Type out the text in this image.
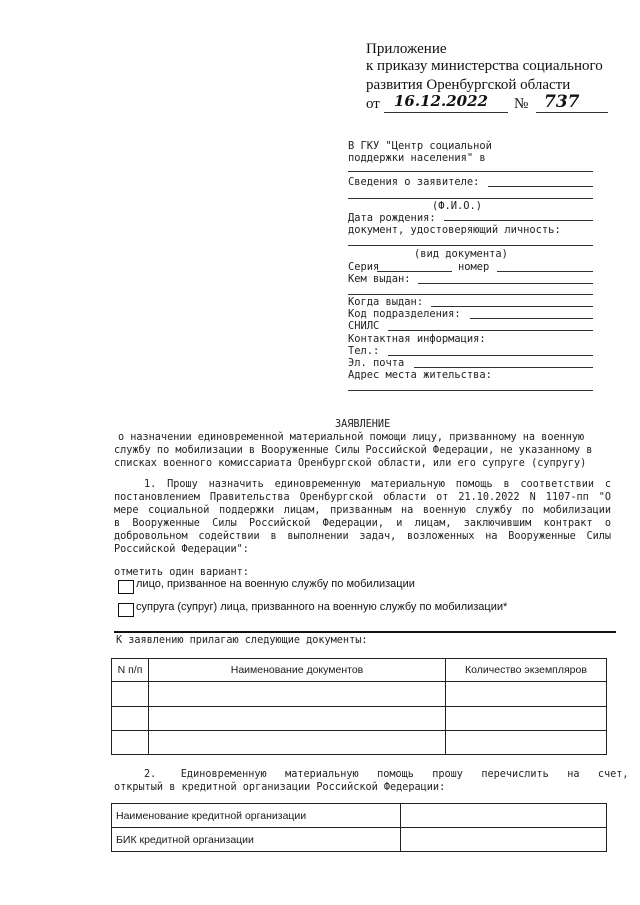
Приложение
к приказу министерства социального
развития Оренбургской области
от 16.12.2022 № 737
В ГКУ "Центр социальной
поддержки населения" в
Сведения о заявителе:
(Ф.И.О.)
Дата рождения:
документ, удостоверяющий личность:
(вид документа)
Серия	номер
Кем выдан:
Когда выдан:
Код подразделения:
СНИЛС
Контактная информация:
Тел.:
Эл. почта
Адрес места жительства:
ЗАЯВЛЕНИЕ
о назначении единовременной материальной помощи лицу, призванному на военную
службу по мобилизации в Вооруженные Силы Российской Федерации, не указанному в
списках военного комиссариата Оренбургской области, или его супруге (супругу)
1. Прошу назначить единовременную материальную помощь в соответствии с
постановлением Правительства Оренбургской области от 21.10.2022 N 1107-пп "О
мере социальной поддержки лицам, призванным на военную службу по мобилизации
в Вооруженные Силы Российской Федерации, и лицам, заключившим контракт о
добровольном содействии в выполнении задач, возложенных на Вооруженные Силы
Российской Федерации":
отметить один вариант:
лицо, призванное на военную службу по мобилизации
супруга (супруг) лица, призванного на военную службу по мобилизации*
К заявлению прилагаю следующие документы:
N п/п	Наименование документов	Количество экземпляров

2.    Единовременную   материальную   помощь   прошу   перечислить   на   счет,
открытый в кредитной организации Российской Федерации:
Наименование кредитной организации	
БИК кредитной организации	
